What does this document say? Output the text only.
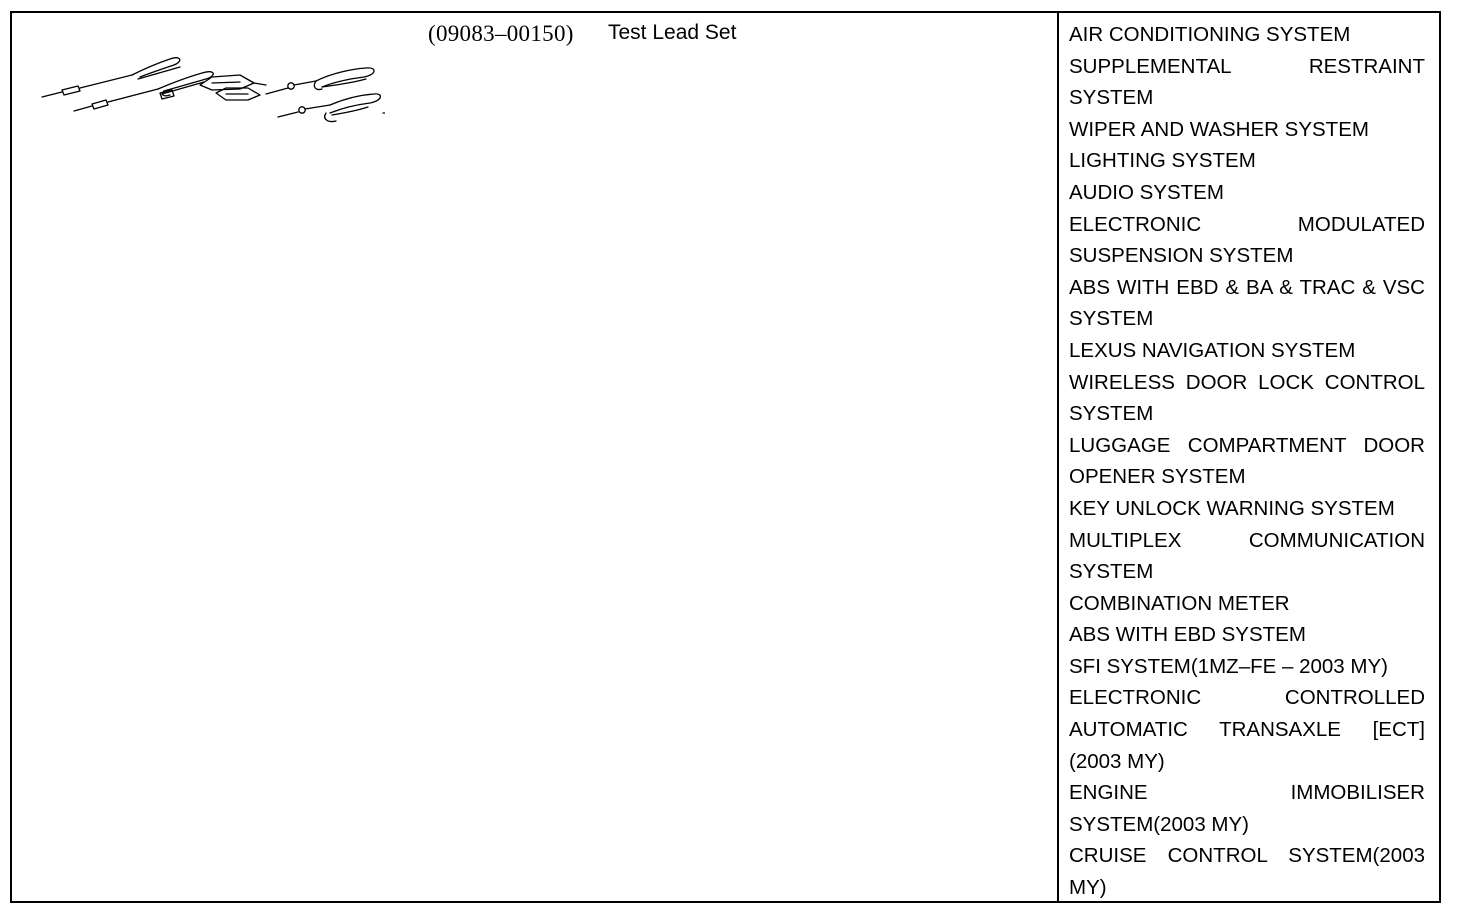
(09083–00150) Test Lead Set	AIR CONDITIONING SYSTEM
SUPPLEMENTAL RESTRAINT SYSTEM
WIPER AND WASHER SYSTEM
LIGHTING SYSTEM
AUDIO SYSTEM
ELECTRONIC MODULATED SUSPENSION SYSTEM
ABS WITH EBD & BA & TRAC & VSC SYSTEM
LEXUS NAVIGATION SYSTEM
WIRELESS DOOR LOCK CONTROL SYSTEM
LUGGAGE COMPARTMENT DOOR OPENER SYSTEM
KEY UNLOCK WARNING SYSTEM
MULTIPLEX COMMUNICATION SYSTEM
COMBINATION METER
ABS WITH EBD SYSTEM
SFI SYSTEM(1MZ–FE – 2003 MY)
ELECTRONIC CONTROLLED AUTOMATIC TRANSAXLE [ECT](2003 MY)
ENGINE IMMOBILISER SYSTEM(2003 MY)
CRUISE CONTROL SYSTEM(2003 MY)
